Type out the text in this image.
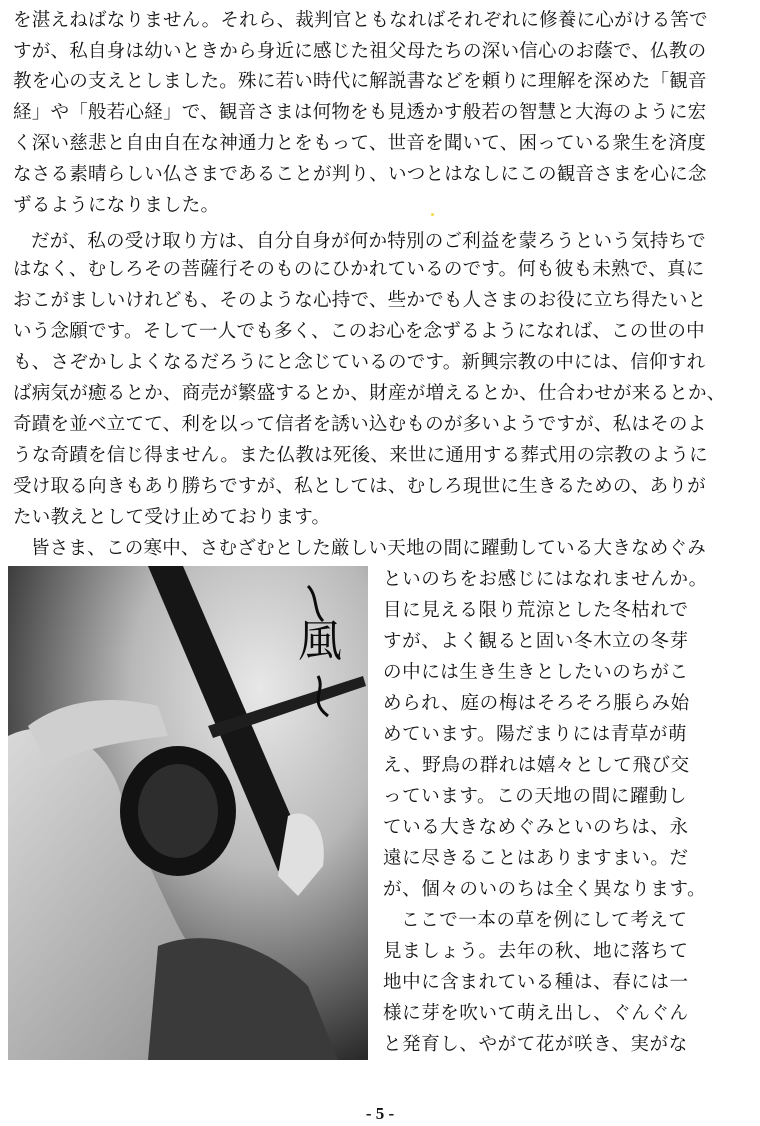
を湛えねばなりません。それら、裁判官ともなればそれぞれに修養に心がける筈で
すが、私自身は幼いときから身近に感じた祖父母たちの深い信心のお蔭で、仏教の
教を心の支えとしました。殊に若い時代に解説書などを頼りに理解を深めた「観音
経」や「般若心経」で、観音さまは何物をも見透かす般若の智慧と大海のように宏
く深い慈悲と自由自在な神通力とをもって、世音を聞いて、困っている衆生を済度
なさる素晴らしい仏さまであることが判り、いつとはなしにこの観音さまを心に念
ずるようになりました。
だが、私の受け取り方は、自分自身が何か特別のご利益を蒙ろうという気持ちで
はなく、むしろその菩薩行そのものにひかれているのです。何も彼も未熟で、真に
おこがましいけれども、そのような心持で、些かでも人さまのお役に立ち得たいと
いう念願です。そして一人でも多く、このお心を念ずるようになれば、この世の中
も、さぞかしよくなるだろうにと念じているのです。新興宗教の中には、信仰すれ
ば病気が癒るとか、商売が繁盛するとか、財産が増えるとか、仕合わせが来るとか、
奇蹟を並べ立てて、利を以って信者を誘い込むものが多いようですが、私はそのよ
うな奇蹟を信じ得ません。また仏教は死後、来世に通用する葬式用の宗教のように
受け取る向きもあり勝ちですが、私としては、むしろ現世に生きるための、ありが
たい教えとして受け止めております。
皆さま、この寒中、さむざむとした厳しい天地の間に躍動している大きなめぐみ
風
といのちをお感じにはなれませんか。
目に見える限り荒涼とした冬枯れで
すが、よく観ると固い冬木立の冬芽
の中には生き生きとしたいのちがこ
められ、庭の梅はそろそろ脹らみ始
めています。陽だまりには青草が萌
え、野鳥の群れは嬉々として飛び交
っています。この天地の間に躍動し
ている大きなめぐみといのちは、永
遠に尽きることはありますまい。だ
が、個々のいのちは全く異なります。
ここで一本の草を例にして考えて
見ましょう。去年の秋、地に落ちて
地中に含まれている種は、春には一
様に芽を吹いて萌え出し、ぐんぐん
と発育し、やがて花が咲き、実がな
- 5 -
